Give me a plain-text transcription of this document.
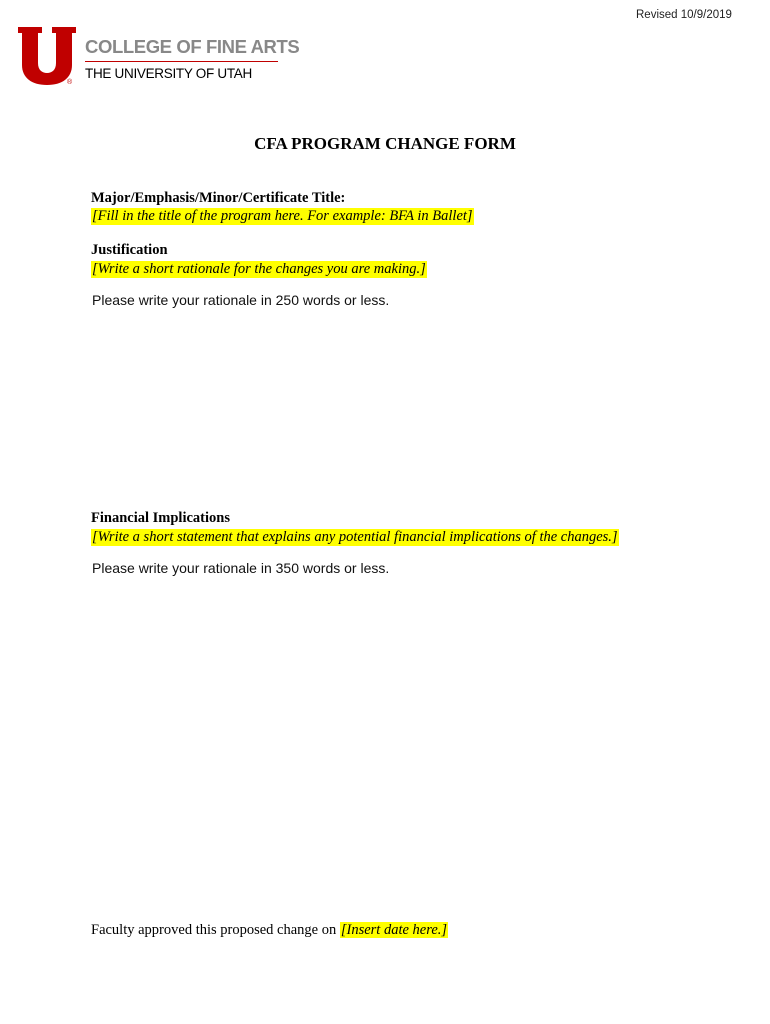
Revised 10/9/2019
®
COLLEGE OF FINE ARTS
THE UNIVERSITY OF UTAH
CFA PROGRAM CHANGE FORM
Major/Emphasis/Minor/Certificate Title:
[Fill in the title of the program here. For example: BFA in Ballet]
Justification
[Write a short rationale for the changes you are making.]
Please write your rationale in 250 words or less.
Financial Implications
[Write a short statement that explains any potential financial implications of the changes.]
Please write your rationale in 350 words or less.
Faculty approved this proposed change on [Insert date here.]
